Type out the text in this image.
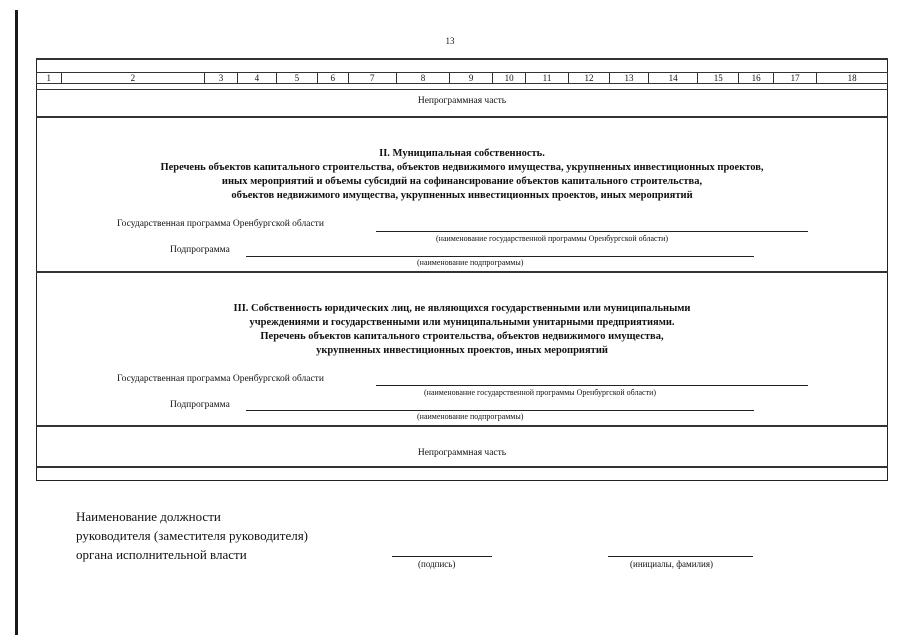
13

1	2	3	4	5	6	7	8	9	10	11	12	13	14	15	16	17	18
Непрограммная часть

II. Муниципальная собственность.
Перечень объектов капитального строительства, объектов недвижимого имущества, укрупненных инвестиционных проектов,
иных мероприятий и объемы субсидий на софинансирование объектов капитального строительства,
объектов недвижимого имущества, укрупненных инвестиционных проектов, иных мероприятий
Государственная программа Оренбургской области
(наименование государственной программы Оренбургской области)
Подпрограмма
(наименование подпрограммы)

III. Собственность юридических лиц, не являющихся государственными или муниципальными
учреждениями и государственными или муниципальными унитарными предприятиями.
Перечень объектов капитального строительства, объектов недвижимого имущества,
укрупненных инвестиционных проектов, иных мероприятий
Государственная программа Оренбургской области
(наименование государственной программы Оренбургской области)
Подпрограмма
(наименование подпрограммы)

Непрограммная часть

Наименование должности
руководителя (заместителя руководителя)
органа исполнительной власти
(подпись)	(инициалы, фамилия)
